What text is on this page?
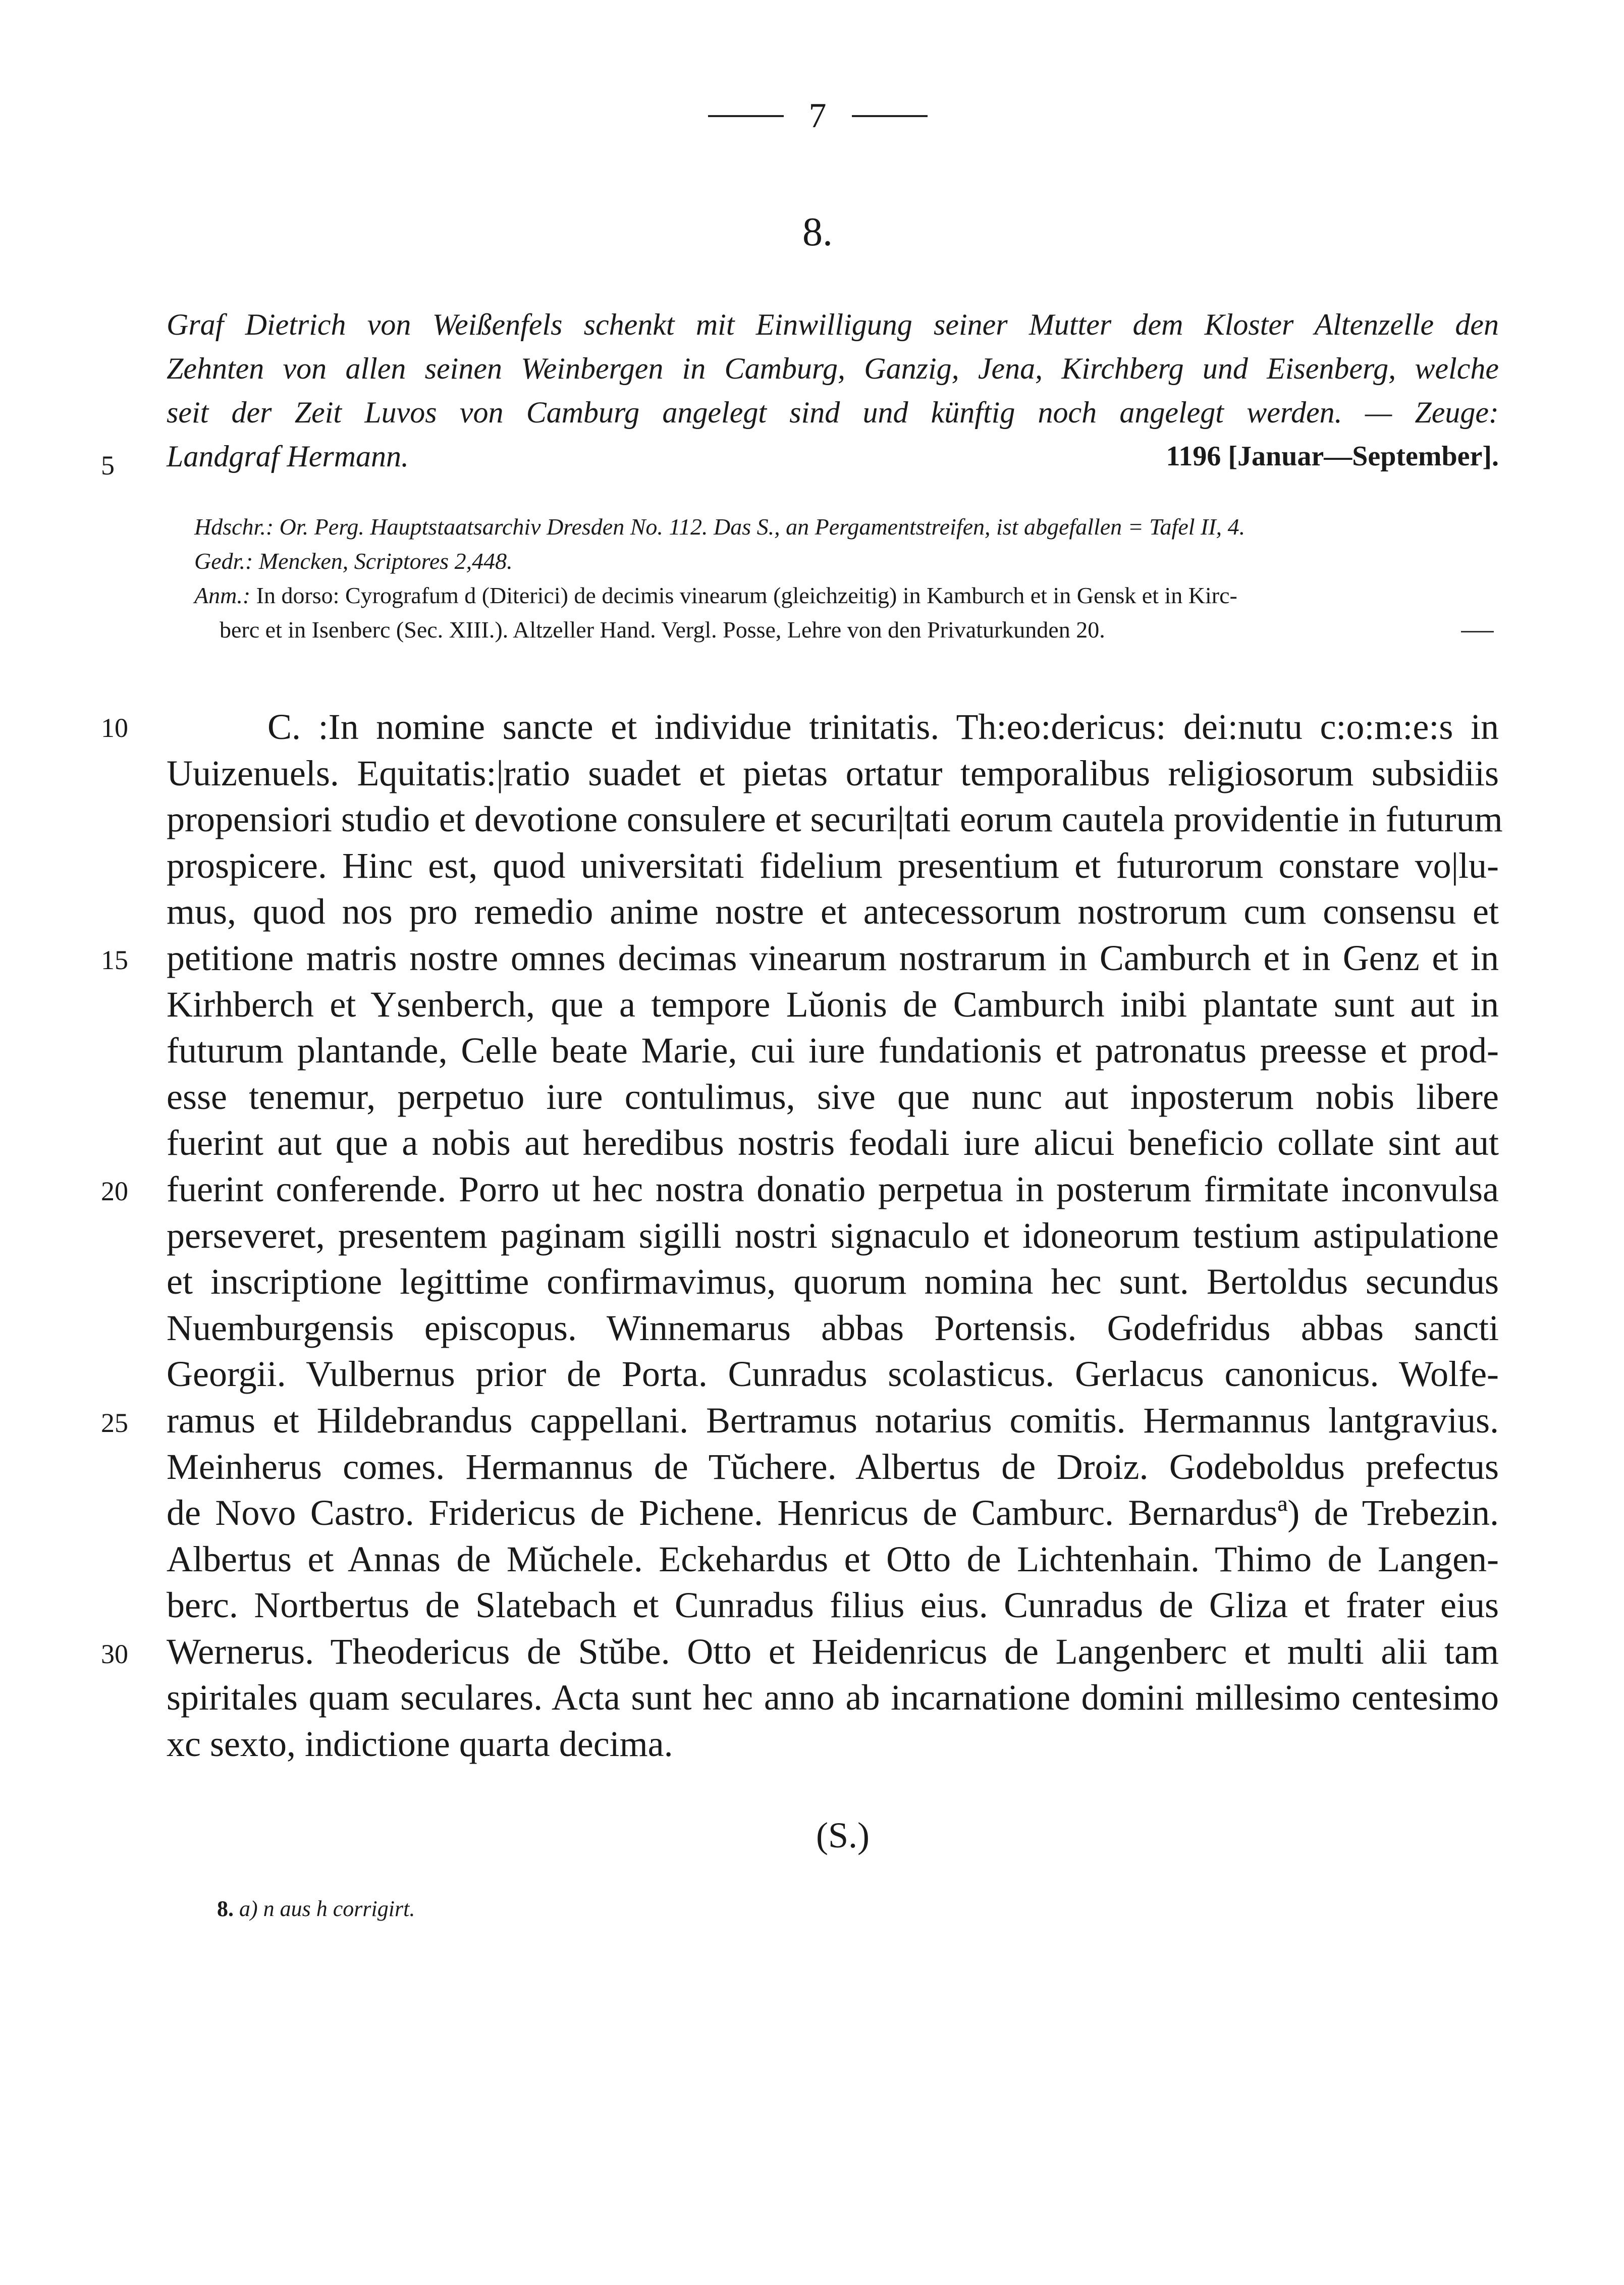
7
8.
Graf Dietrich von Weißenfels schenkt mit Einwilligung seiner Mutter dem Kloster Altenzelle den
Zehnten von allen seinen Weinbergen in Camburg, Ganzig, Jena, Kirchberg und Eisenberg, welche
seit der Zeit Luvos von Camburg angelegt sind und künftig noch angelegt werden. — Zeuge:
Landgraf Hermann.	1196 [Januar—September].
Hdschr.: Or. Perg. Hauptstaatsarchiv Dresden No. 112. Das S., an Pergamentstreifen, ist abgefallen = Tafel II, 4.
Gedr.: Mencken, Scriptores 2,448.
Anm.: In dorso: Cyrografum d (Diterici) de decimis vinearum (gleichzeitig) in Kamburch et in Gensk et in Kirc-
berc et in Isenberc (Sec. XIII.). Altzeller Hand. Vergl. Posse, Lehre von den Privaturkunden 20.
5
10
15
20
25
30
C. :In nomine sancte et individue trinitatis. Th:eo:dericus: dei:nutu c:o:m:e:s in
Uuizenuels. Equitatis:|ratio suadet et pietas ortatur temporalibus religiosorum subsidiis
propensiori studio et devotione consulere et securi|tati eorum cautela providentie in futurum
prospicere. Hinc est, quod universitati fidelium presentium et futurorum constare vo|lu-
mus, quod nos pro remedio anime nostre et antecessorum nostrorum cum consensu et
petitione matris nostre omnes decimas vinearum nostrarum in Camburch et in Genz et in
Kirhberch et Ysenberch, que a tempore Lŭonis de Camburch inibi plantate sunt aut in
futurum plantande, Celle beate Marie, cui iure fundationis et patronatus preesse et prod-
esse tenemur, perpetuo iure contulimus, sive que nunc aut inposterum nobis libere
fuerint aut que a nobis aut heredibus nostris feodali iure alicui beneficio collate sint aut
fuerint conferende. Porro ut hec nostra donatio perpetua in posterum firmitate inconvulsa
perseveret, presentem paginam sigilli nostri signaculo et idoneorum testium astipulatione
et inscriptione legittime confirmavimus, quorum nomina hec sunt. Bertoldus secundus
Nuemburgensis episcopus. Winnemarus abbas Portensis. Godefridus abbas sancti
Georgii. Vulbernus prior de Porta. Cunradus scolasticus. Gerlacus canonicus. Wolfe-
ramus et Hildebrandus cappellani. Bertramus notarius comitis. Hermannus lantgravius.
Meinherus comes. Hermannus de Tŭchere. Albertus de Droiz. Godeboldus prefectus
de Novo Castro. Fridericus de Pichene. Henricus de Camburc. Bernardusª) de Trebezin.
Albertus et Annas de Mŭchele. Eckehardus et Otto de Lichtenhain. Thimo de Langen-
berc. Nortbertus de Slatebach et Cunradus filius eius. Cunradus de Gliza et frater eius
Wernerus. Theodericus de Stŭbe. Otto et Heidenricus de Langenberc et multi alii tam
spiritales quam seculares. Acta sunt hec anno ab incarnatione domini millesimo centesimo
xc sexto, indictione quarta decima.
(S.)
8. a) n aus h corrigirt.
